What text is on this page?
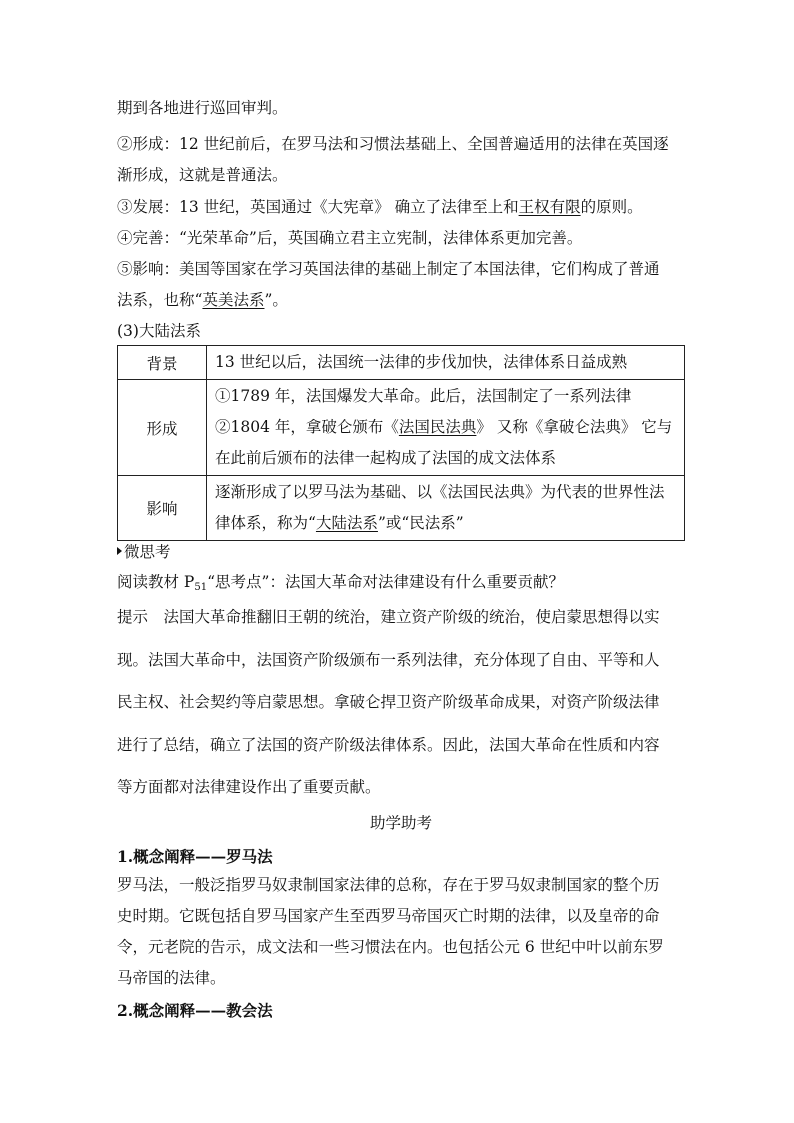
期到各地进行巡回审判。
②形成：12 世纪前后，在罗马法和习惯法基础上、全国普遍适用的法律在英国逐
渐形成，这就是普通法。
③发展：13 世纪，英国通过《大宪章》 确立了法律至上和王权有限的原则。
④完善：“光荣革命”后，英国确立君主立宪制，法律体系更加完善。
⑤影响：美国等国家在学习英国法律的基础上制定了本国法律，它们构成了普通
法系，也称“英美法系”。
(3)大陆法系
背景	13 世纪以后，法国统一法律的步伐加快，法律体系日益成熟

形成	①1789 年，法国爆发大革命。此后，法国制定了一系列法律
②1804 年，拿破仑颁布《法国民法典》 又称《拿破仑法典》 它与
在此前后颁布的法律一起构成了法国的成文法体系

影响	逐渐形成了以罗马法为基础、以《法国民法典》为代表的世界性法
律体系，称为“大陆法系”或“民法系”
微思考
阅读教材 $P_{51}“$思考点”：法国大革命对法律建设有什么重要贡献？
提示　法国大革命推翻旧王朝的统治，建立资产阶级的统治，使启蒙思想得以实
现。法国大革命中，法国资产阶级颁布一系列法律，充分体现了自由、平等和人
民主权、社会契约等启蒙思想。拿破仑捍卫资产阶级革命成果，对资产阶级法律
进行了总结，确立了法国的资产阶级法律体系。因此，法国大革命在性质和内容
等方面都对法律建设作出了重要贡献。
助学助考
1.概念阐释——罗马法
罗马法，一般泛指罗马奴隶制国家法律的总称，存在于罗马奴隶制国家的整个历
史时期。它既包括自罗马国家产生至西罗马帝国灭亡时期的法律，以及皇帝的命
令，元老院的告示，成文法和一些习惯法在内。也包括公元 6 世纪中叶以前东罗
马帝国的法律。
2.概念阐释——教会法
